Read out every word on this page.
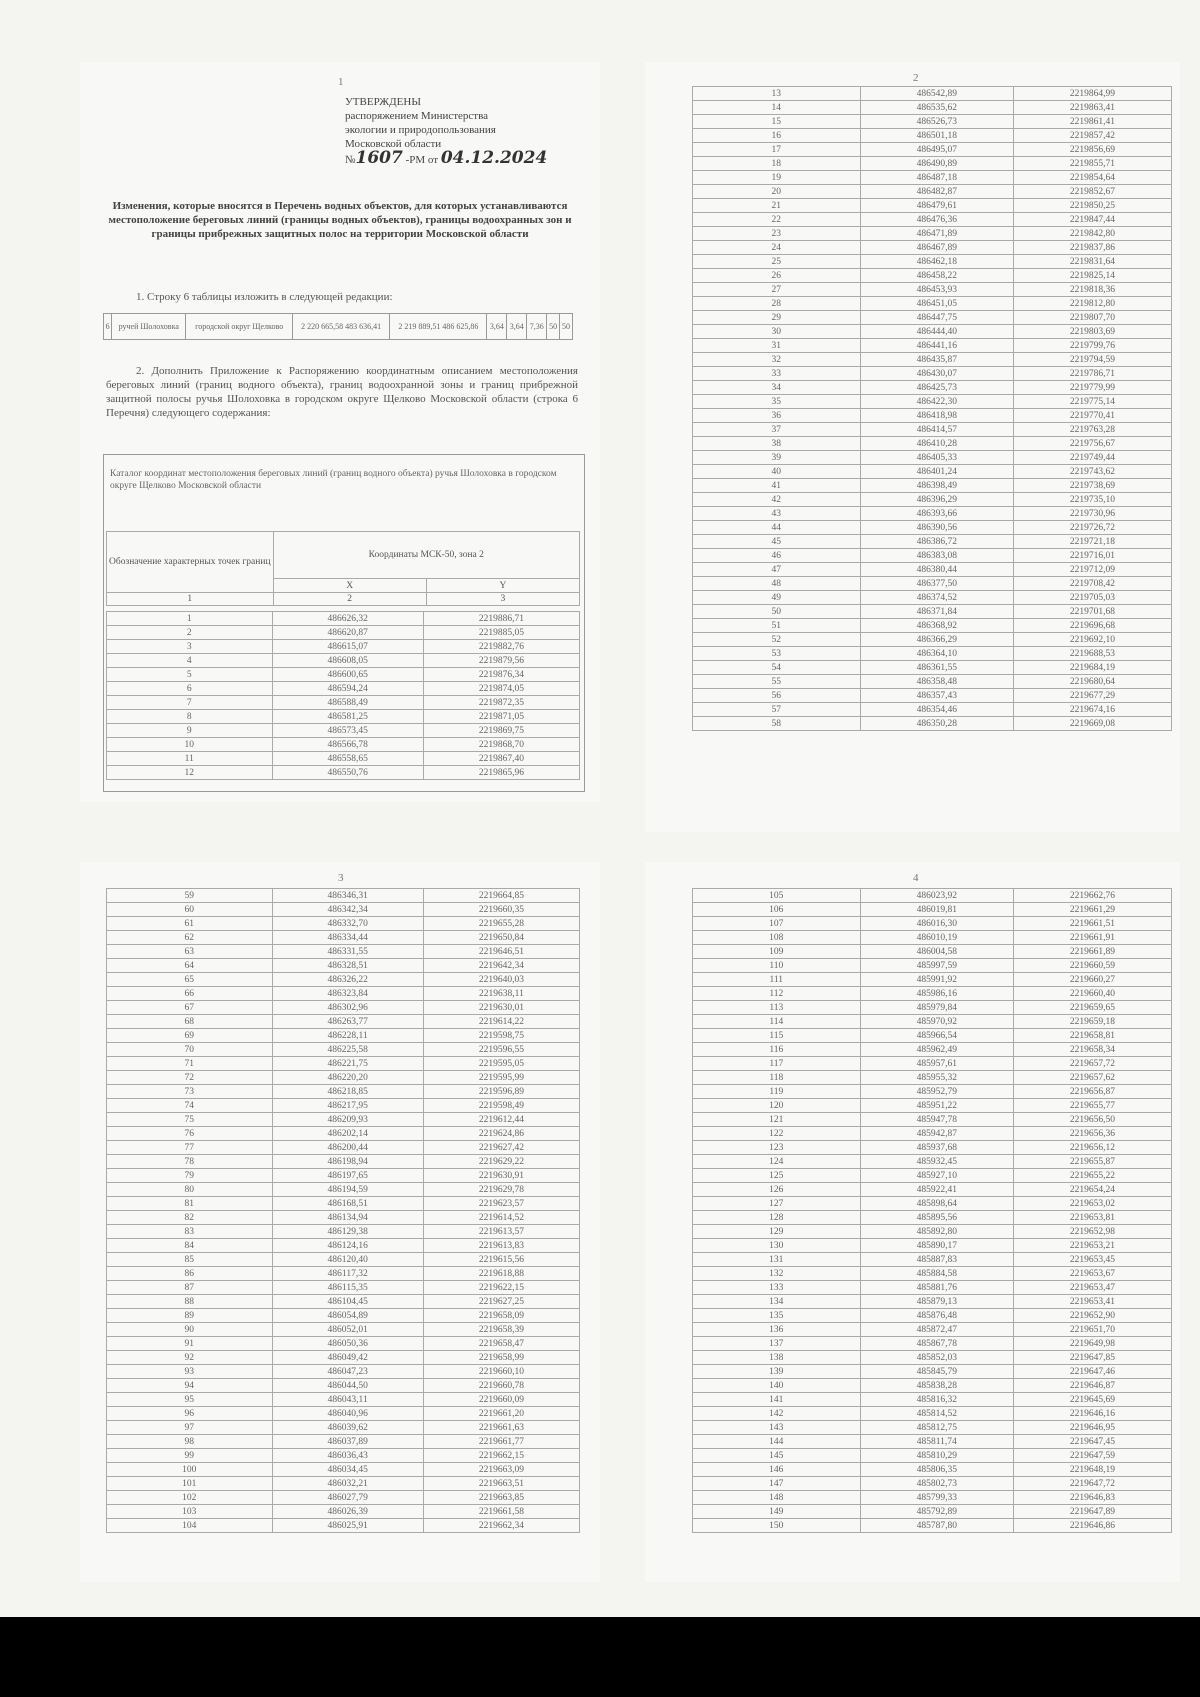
1
УТВЕРЖДЕНЫ
распоряжением Министерства
экологии и природопользования
Московской области
№1607 -РМ от 04.12.2024
Изменения, которые вносятся в Перечень водных объектов, для которых устанавливаются местоположение береговых линий (границы водных объектов), границы водоохранных зон и границы прибрежных защитных полос на территории Московской области
1. Строку 6 таблицы изложить в следующей редакции:
6	ручей Шолоховка	городской округ Щелково	2 220 665,58 483 636,41	2 219 889,51 486 625,86	3,64	3,64	7,36	50	50
2. Дополнить Приложение к Распоряжению координатным описанием местоположения береговых линий (границ водного объекта), границ водоохранной зоны и границ прибрежной защитной полосы ручья Шолоховка в городском округе Щелково Московской области (строка 6 Перечня) следующего содержания:
Каталог координат местоположения береговых линий (границ водного объекта) ручья Шолоховка в городском округе Щелково Московской области
Обозначение характерных точек границ	Координаты МСК-50, зона 2	
	X	Y
1	2	3
1	486626,32	2219886,71
2	486620,87	2219885,05
3	486615,07	2219882,76
4	486608,05	2219879,56
5	486600,65	2219876,34
6	486594,24	2219874,05
7	486588,49	2219872,35
8	486581,25	2219871,05
9	486573,45	2219869,75
10	486566,78	2219868,70
11	486558,65	2219867,40
12	486550,76	2219865,96
2
13	486542,89	2219864,99
14	486535,62	2219863,41
15	486526,73	2219861,41
16	486501,18	2219857,42
17	486495,07	2219856,69
18	486490,89	2219855,71
19	486487,18	2219854,64
20	486482,87	2219852,67
21	486479,61	2219850,25
22	486476,36	2219847,44
23	486471,89	2219842,80
24	486467,89	2219837,86
25	486462,18	2219831,64
26	486458,22	2219825,14
27	486453,93	2219818,36
28	486451,05	2219812,80
29	486447,75	2219807,70
30	486444,40	2219803,69
31	486441,16	2219799,76
32	486435,87	2219794,59
33	486430,07	2219786,71
34	486425,73	2219779,99
35	486422,30	2219775,14
36	486418,98	2219770,41
37	486414,57	2219763,28
38	486410,28	2219756,67
39	486405,33	2219749,44
40	486401,24	2219743,62
41	486398,49	2219738,69
42	486396,29	2219735,10
43	486393,66	2219730,96
44	486390,56	2219726,72
45	486386,72	2219721,18
46	486383,08	2219716,01
47	486380,44	2219712,09
48	486377,50	2219708,42
49	486374,52	2219705,03
50	486371,84	2219701,68
51	486368,92	2219696,68
52	486366,29	2219692,10
53	486364,10	2219688,53
54	486361,55	2219684,19
55	486358,48	2219680,64
56	486357,43	2219677,29
57	486354,46	2219674,16
58	486350,28	2219669,08
3
59	486346,31	2219664,85
60	486342,34	2219660,35
61	486332,70	2219655,28
62	486334,44	2219650,84
63	486331,55	2219646,51
64	486328,51	2219642,34
65	486326,22	2219640,03
66	486323,84	2219638,11
67	486302,96	2219630,01
68	486263,77	2219614,22
69	486228,11	2219598,75
70	486225,58	2219596,55
71	486221,75	2219595,05
72	486220,20	2219595,99
73	486218,85	2219596,89
74	486217,95	2219598,49
75	486209,93	2219612,44
76	486202,14	2219624,86
77	486200,44	2219627,42
78	486198,94	2219629,22
79	486197,65	2219630,91
80	486194,59	2219629,78
81	486168,51	2219623,57
82	486134,94	2219614,52
83	486129,38	2219613,57
84	486124,16	2219613,83
85	486120,40	2219615,56
86	486117,32	2219618,88
87	486115,35	2219622,15
88	486104,45	2219627,25
89	486054,89	2219658,09
90	486052,01	2219658,39
91	486050,36	2219658,47
92	486049,42	2219658,99
93	486047,23	2219660,10
94	486044,50	2219660,78
95	486043,11	2219660,09
96	486040,96	2219661,20
97	486039,62	2219661,63
98	486037,89	2219661,77
99	486036,43	2219662,15
100	486034,45	2219663,09
101	486032,21	2219663,51
102	486027,79	2219663,85
103	486026,39	2219661,58
104	486025,91	2219662,34
4
105	486023,92	2219662,76
106	486019,81	2219661,29
107	486016,30	2219661,51
108	486010,19	2219661,91
109	486004,58	2219661,89
110	485997,59	2219660,59
111	485991,92	2219660,27
112	485986,16	2219660,40
113	485979,84	2219659,65
114	485970,92	2219659,18
115	485966,54	2219658,81
116	485962,49	2219658,34
117	485957,61	2219657,72
118	485955,32	2219657,62
119	485952,79	2219656,87
120	485951,22	2219655,77
121	485947,78	2219656,50
122	485942,87	2219656,36
123	485937,68	2219656,12
124	485932,45	2219655,87
125	485927,10	2219655,22
126	485922,41	2219654,24
127	485898,64	2219653,02
128	485895,56	2219653,81
129	485892,80	2219652,98
130	485890,17	2219653,21
131	485887,83	2219653,45
132	485884,58	2219653,67
133	485881,76	2219653,47
134	485879,13	2219653,41
135	485876,48	2219652,90
136	485872,47	2219651,70
137	485867,78	2219649,98
138	485852,03	2219647,85
139	485845,79	2219647,46
140	485838,28	2219646,87
141	485816,32	2219645,69
142	485814,52	2219646,16
143	485812,75	2219646,95
144	485811,74	2219647,45
145	485810,29	2219647,59
146	485806,35	2219648,19
147	485802,73	2219647,72
148	485799,33	2219646,83
149	485792,89	2219647,89
150	485787,80	2219646,86
